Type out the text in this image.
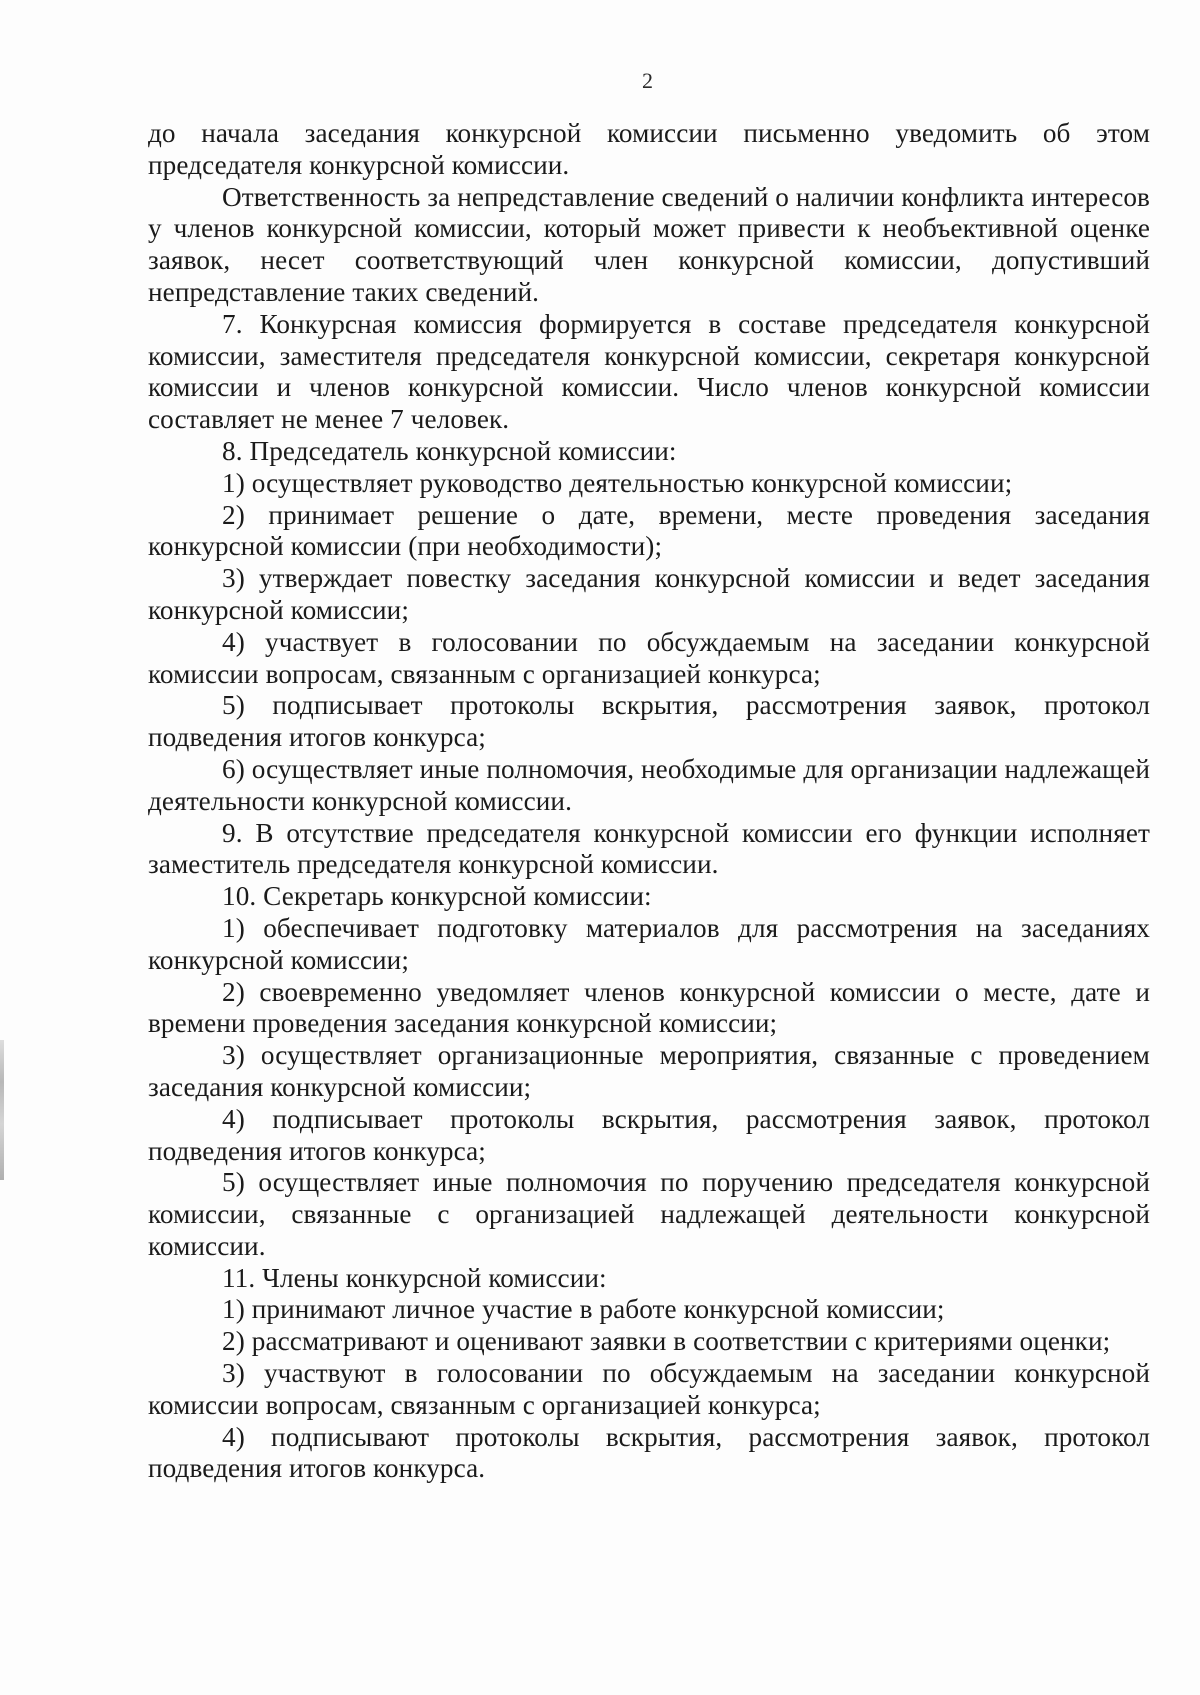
2

до начала заседания конкурсной комиссии письменно уведомить об этом председателя конкурсной комиссии.

Ответственность за непредставление сведений о наличии конфликта интересов у членов конкурсной комиссии, который может привести к необъективной оценке заявок, несет соответствующий член конкурсной комиссии, допустивший непредставление таких сведений.

7. Конкурсная комиссия формируется в составе председателя конкурсной комиссии, заместителя председателя конкурсной комиссии, секретаря конкурсной комиссии и членов конкурсной комиссии. Число членов конкурсной комиссии составляет не менее 7 человек.

8. Председатель конкурсной комиссии:

1) осуществляет руководство деятельностью конкурсной комиссии;

2) принимает решение о дате, времени, месте проведения заседания конкурсной комиссии (при необходимости);

3) утверждает повестку заседания конкурсной комиссии и ведет заседания конкурсной комиссии;

4) участвует в голосовании по обсуждаемым на заседании конкурсной комиссии вопросам, связанным с организацией конкурса;

5) подписывает протоколы вскрытия, рассмотрения заявок, протокол подведения итогов конкурса;

6) осуществляет иные полномочия, необходимые для организации надлежащей деятельности конкурсной комиссии.

9. В отсутствие председателя конкурсной комиссии его функции исполняет заместитель председателя конкурсной комиссии.

10. Секретарь конкурсной комиссии:

1) обеспечивает подготовку материалов для рассмотрения на заседаниях конкурсной комиссии;

2) своевременно уведомляет членов конкурсной комиссии о месте, дате и времени проведения заседания конкурсной комиссии;

3) осуществляет организационные мероприятия, связанные с проведением заседания конкурсной комиссии;

4) подписывает протоколы вскрытия, рассмотрения заявок, протокол подведения итогов конкурса;

5) осуществляет иные полномочия по поручению председателя конкурсной комиссии, связанные с организацией надлежащей деятельности конкурсной комиссии.

11. Члены конкурсной комиссии:

1) принимают личное участие в работе конкурсной комиссии;

2) рассматривают и оценивают заявки в соответствии с критериями оценки;

3) участвуют в голосовании по обсуждаемым на заседании конкурсной комиссии вопросам, связанным с организацией конкурса;

4) подписывают протоколы вскрытия, рассмотрения заявок, протокол подведения итогов конкурса.
